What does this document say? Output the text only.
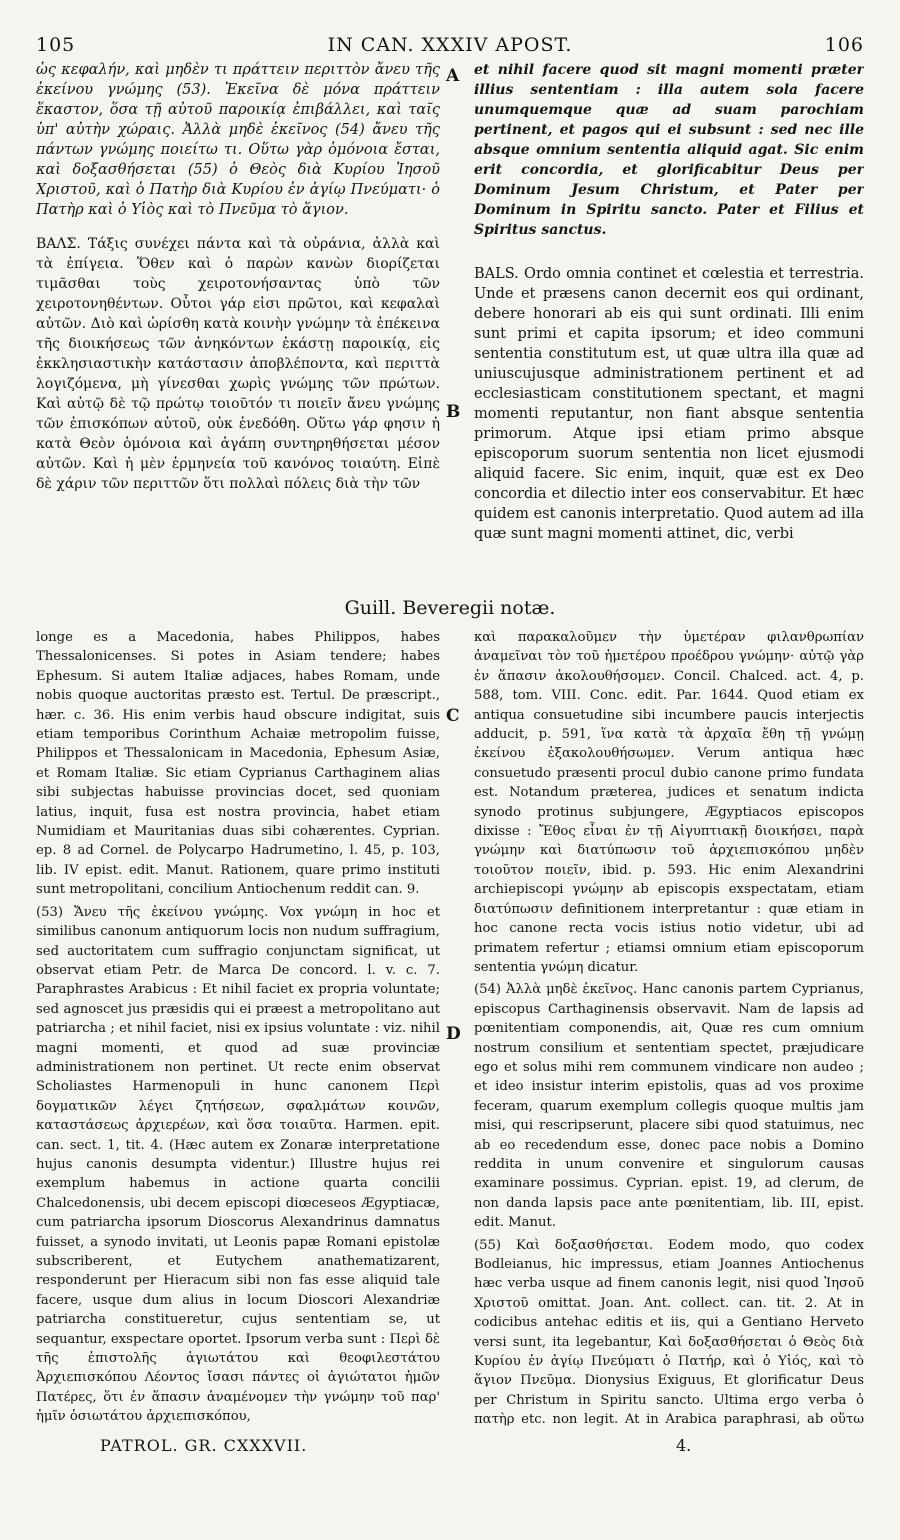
105	IN CAN. XXXIV APOST.	106

ὡς κεφαλήν, καὶ μηδὲν τι πράττειν περιττὸν ἄνευ τῆς ἐκείνου γνώμης (53). Ἐκεῖνα δὲ μόνα πράττειν ἕκαστον, ὅσα τῇ αὐτοῦ παροικίᾳ ἐπιβάλλει, καὶ ταῖς ὑπ' αὐτὴν χώραις. Ἀλλὰ μηδὲ ἐκεῖνος (54) ἄνευ τῆς πάντων γνώμης ποιείτω τι. Οὕτω γὰρ ὁμόνοια ἔσται, καὶ δοξασθήσεται (55) ὁ Θεὸς διὰ Κυρίου Ἰησοῦ Χριστοῦ, καὶ ὁ Πατὴρ διὰ Κυρίου ἐν ἁγίῳ Πνεύματι· ὁ Πατὴρ καὶ ὁ Υἱὸς καὶ τὸ Πνεῦμα τὸ ἅγιον.

ΒΑΛΣ. Τάξις συνέχει πάντα καὶ τὰ οὐράνια, ἀλλὰ καὶ τὰ ἐπίγεια. Ὅθεν καὶ ὁ παρὼν κανὼν διορίζεται τιμᾶσθαι τοὺς χειροτονήσαντας ὑπὸ τῶν χειροτονηθέντων. Οὗτοι γάρ εἰσι πρῶτοι, καὶ κεφαλαὶ αὐτῶν. Διὸ καὶ ὡρίσθη κατὰ κοινὴν γνώμην τὰ ἐπέκεινα τῆς διοικήσεως τῶν ἀνηκόντων ἑκάστῃ παροικίᾳ, εἰς ἐκκλησιαστικὴν κατάστασιν ἀποβλέποντα, καὶ περιττὰ λογιζόμενα, μὴ γίνεσθαι χωρὶς γνώμης τῶν πρώτων. Καὶ αὐτῷ δὲ τῷ πρώτῳ τοιοῦτόν τι ποιεῖν ἄνευ γνώμης τῶν ἐπισκόπων αὐτοῦ, οὐκ ἐνεδόθη. Οὕτω γάρ φησιν ἡ κατὰ Θεὸν ὁμόνοια καὶ ἀγάπη συντηρηθήσεται μέσον αὐτῶν. Καὶ ἡ μὲν ἑρμηνεία τοῦ κανόνος τοιαύτη. Εἰπὲ δὲ χάριν τῶν περιττῶν ὅτι πολλαὶ πόλεις διὰ τὴν τῶν

et nihil facere quod sit magni momenti præter illius sententiam : illa autem sola facere unumquemque quæ ad suam parochiam pertinent, et pagos qui ei subsunt : sed nec ille absque omnium sententia aliquid agat. Sic enim erit concordia, et glorificabitur Deus per Dominum Jesum Christum, et Pater per Dominum in Spiritu sancto. Pater et Filius et Spiritus sanctus.

BALS. Ordo omnia continet et cœlestia et terrestria. Unde et præsens canon decernit eos qui ordinant, debere honorari ab eis qui sunt ordinati. Illi enim sunt primi et capita ipsorum; et ideo communi sententia constitutum est, ut quæ ultra illa quæ ad uniuscujusque administrationem pertinent et ad ecclesiasticam constitutionem spectant, et magni momenti reputantur, non fiant absque sententia primorum. Atque ipsi etiam primo absque episcoporum suorum sententia non licet ejusmodi aliquid facere. Sic enim, inquit, quæ est ex Deo concordia et dilectio inter eos conservabitur. Et hæc quidem est canonis interpretatio. Quod autem ad illa quæ sunt magni momenti attinet, dic, verbi

A
B
Guill. Beveregii notæ.

longe es a Macedonia, habes Philippos, habes Thessalonicenses. Si potes in Asiam tendere; habes Ephesum. Si autem Italiæ adjaces, habes Romam, unde nobis quoque auctoritas præsto est. Tertul. De præscript., hær. c. 36. His enim verbis haud obscure indigitat, suis etiam temporibus Corinthum Achaiæ metropolim fuisse, Philippos et Thessalonicam in Macedonia, Ephesum Asiæ, et Romam Italiæ. Sic etiam Cyprianus Carthaginem alias sibi subjectas habuisse provincias docet, sed quoniam latius, inquit, fusa est nostra provincia, habet etiam Numidiam et Mauritanias duas sibi cohærentes. Cyprian. ep. 8 ad Cornel. de Polycarpo Hadrumetino, l. 45, p. 103, lib. IV epist. edit. Manut. Rationem, quare primo instituti sunt metropolitani, concilium Antiochenum reddit can. 9.

(53) Ἄνευ τῆς ἐκείνου γνώμης. Vox γνώμη in hoc et similibus canonum antiquorum locis non nudum suffragium, sed auctoritatem cum suffragio conjunctam significat, ut observat etiam Petr. de Marca De concord. l. v. c. 7. Paraphrastes Arabicus : Et nihil faciet ex propria voluntate; sed agnoscet jus præsidis qui ei præest a metropolitano aut patriarcha ; et nihil faciet, nisi ex ipsius voluntate : viz. nihil magni momenti, et quod ad suæ provinciæ administrationem non pertinet. Ut recte enim observat Scholiastes Harmenopuli in hunc canonem Περὶ δογματικῶν λέγει ζητήσεων, σφαλμάτων κοινῶν, καταστάσεως ἀρχιερέων, καὶ ὅσα τοιαῦτα. Harmen. epit. can. sect. 1, tit. 4. (Hæc autem ex Zonaræ interpretatione hujus canonis desumpta videntur.) Illustre hujus rei exemplum habemus in actione quarta concilii Chalcedonensis, ubi decem episcopi diœceseos Ægyptiacæ, cum patriarcha ipsorum Dioscorus Alexandrinus damnatus fuisset, a synodo invitati, ut Leonis papæ Romani epistolæ subscriberent, et Eutychem anathematizarent, responderunt per Hieracum sibi non fas esse aliquid tale facere, usque dum alius in locum Dioscori Alexandriæ patriarcha constitueretur, cujus sententiam se, ut sequantur, exspectare oportet. Ipsorum verba sunt : Περὶ δὲ τῆς ἐπιστολῆς ἁγιωτάτου καὶ θεοφιλεστάτου Ἀρχιεπισκόπου Λέοντος ἴσασι πάντες οἱ ἁγιώτατοι ἡμῶν Πατέρες, ὅτι ἐν ἅπασιν ἀναμένομεν τὴν γνώμην τοῦ παρ' ἡμῖν ὁσιωτάτου ἀρχιεπισκόπου,

καὶ παρακαλοῦμεν τὴν ὑμετέραν φιλανθρωπίαν ἀναμεῖναι τὸν τοῦ ἡμετέρου προέδρου γνώμην· αὐτῷ γὰρ ἐν ἅπασιν ἀκολουθήσομεν. Concil. Chalced. act. 4, p. 588, tom. VIII. Conc. edit. Par. 1644. Quod etiam ex antiqua consuetudine sibi incumbere paucis interjectis adducit, p. 591, ἵνα κατὰ τὰ ἀρχαῖα ἔθη τῇ γνώμῃ ἐκείνου ἐξακολουθήσωμεν. Verum antiqua hæc consuetudo præsenti procul dubio canone primo fundata est. Notandum præterea, judices et senatum indicta synodo protinus subjungere, Ægyptiacos episcopos dixisse : Ἔθος εἶναι ἐν τῇ Αἰγυπτιακῇ διοικήσει, παρὰ γνώμην καὶ διατύπωσιν τοῦ ἀρχιεπισκόπου μηδὲν τοιοῦτον ποιεῖν, ibid. p. 593. Hic enim Alexandrini archiepiscopi γνώμην ab episcopis exspectatam, etiam διατύπωσιν definitionem interpretantur : quæ etiam in hoc canone recta vocis istius notio videtur, ubi ad primatem refertur ; etiamsi omnium etiam episcoporum sententia γνώμη dicatur.

(54) Ἀλλὰ μηδὲ ἐκεῖνος. Hanc canonis partem Cyprianus, episcopus Carthaginensis observavit. Nam de lapsis ad pœnitentiam componendis, ait, Quæ res cum omnium nostrum consilium et sententiam spectet, præjudicare ego et solus mihi rem communem vindicare non audeo ; et ideo insistur interim epistolis, quas ad vos proxime feceram, quarum exemplum collegis quoque multis jam misi, qui rescripserunt, placere sibi quod statuimus, nec ab eo recedendum esse, donec pace nobis a Domino reddita in unum convenire et singulorum causas examinare possimus. Cyprian. epist. 19, ad clerum, de non danda lapsis pace ante pœnitentiam, lib. III, epist. edit. Manut.

(55) Καὶ δοξασθήσεται. Eodem modo, quo codex Bodleianus, hic impressus, etiam Joannes Antiochenus hæc verba usque ad finem canonis legit, nisi quod Ἰησοῦ Χριστοῦ omittat. Joan. Ant. collect. can. tit. 2. At in codicibus antehac editis et iis, qui a Gentiano Herveto versi sunt, ita legebantur, Καὶ δοξασθήσεται ὁ Θεὸς διὰ Κυρίου ἐν ἁγίῳ Πνεύματι ὁ Πατήρ, καὶ ὁ Υἱός, καὶ τὸ ἅγιον Πνεῦμα. Dionysius Exiguus, Et glorificatur Deus per Christum in Spiritu sancto. Ultima ergo verba ὁ πατὴρ etc. non legit. At in Arabica paraphrasi, ab οὕτω

C
D
PATROL. GR. CXXXVII.	4.
